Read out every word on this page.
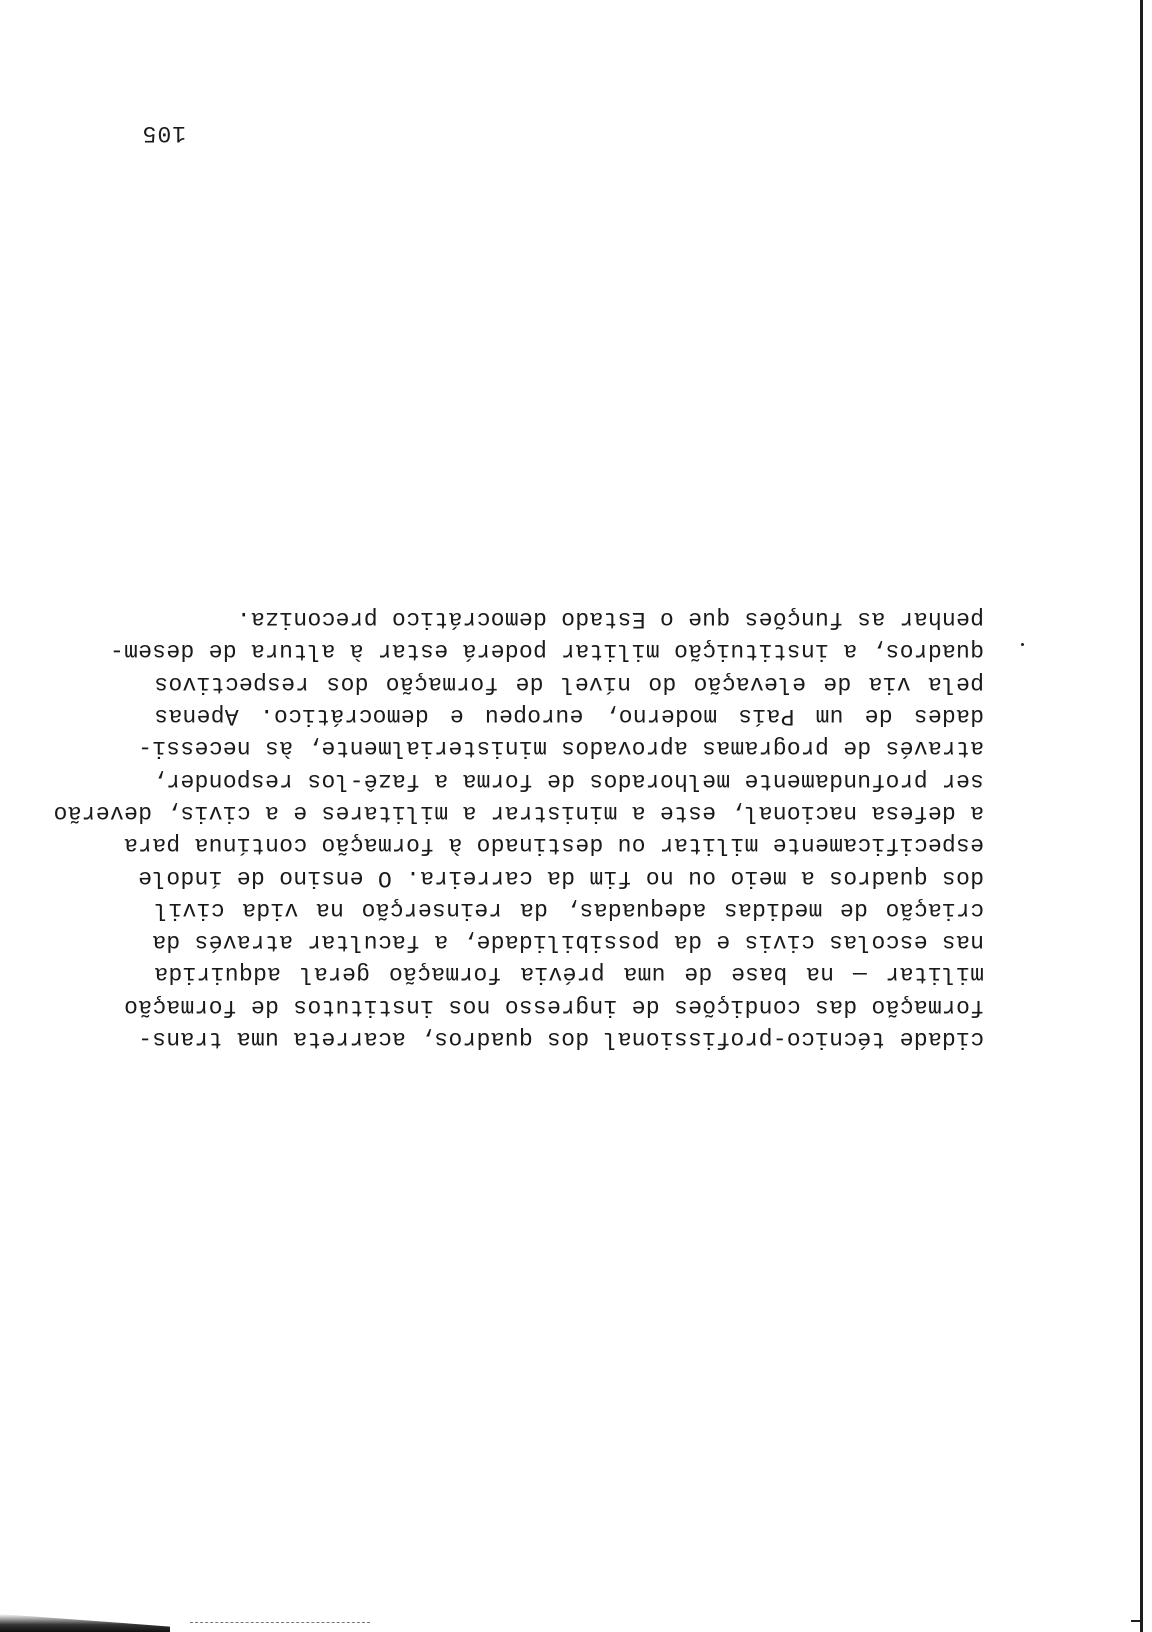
cidade técnico-profissional dos quadros, acarreta uma trans-
formação das condições de ingresso nos institutos de formação
militar — na base de uma prévia formação geral adquirida
nas escolas civis e da possibilidade, a facultar através da
criação de medidas adequadas, da reinserção na vida civil
dos quadros a meio ou no fim da carreira. O ensino de índole
especificamente militar ou destinado à formação contínua para
a defesa nacional, este a ministrar a militares e a civis, deverão
ser profundamente melhorados de forma a fazê-los responder,
através de programas aprovados ministerialmente, às necessi-
dades de um País moderno, europeu e democrático. Apenas
pela via de elevação do nível de formação dos respectivos
quadros, a instituição militar poderá estar à altura de desem-
penhar as funções que o Estado democrático preconiza.
105
